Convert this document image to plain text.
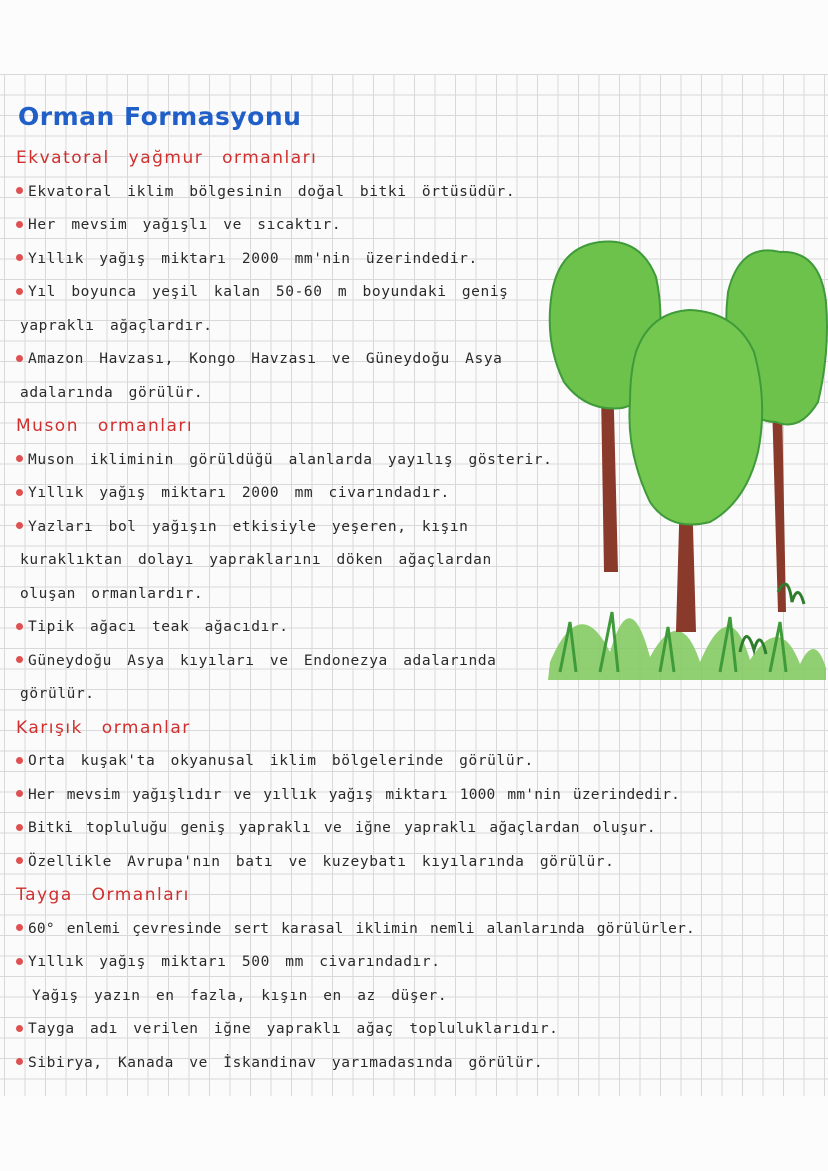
Orman Formasyonu
Ekvatoral yağmur ormanları
Ekvatoral iklim bölgesinin doğal bitki örtüsüdür.
Her mevsim yağışlı ve sıcaktır.
Yıllık yağış miktarı 2000 mm'nin üzerindedir.
Yıl boyunca yeşil kalan 50-60 m boyundaki geniş
yapraklı ağaçlardır.
Amazon Havzası, Kongo Havzası ve Güneydoğu Asya
adalarında görülür.
Muson ormanları
Muson ikliminin görüldüğü alanlarda yayılış gösterir.
Yıllık yağış miktarı 2000 mm civarındadır.
Yazları bol yağışın etkisiyle yeşeren, kışın
kuraklıktan dolayı yapraklarını döken ağaçlardan
oluşan ormanlardır.
Tipik ağacı teak ağacıdır.
Güneydoğu Asya kıyıları ve Endonezya adalarında
görülür.
Karışık ormanlar
Orta kuşak'ta okyanusal iklim bölgelerinde görülür.
Her mevsim yağışlıdır ve yıllık yağış miktarı 1000 mm'nin üzerindedir.
Bitki topluluğu geniş yapraklı ve iğne yapraklı ağaçlardan oluşur.
Özellikle Avrupa'nın batı ve kuzeybatı kıyılarında görülür.
Tayga Ormanları
60° enlemi çevresinde sert karasal iklimin nemli alanlarında görülürler.
Yıllık yağış miktarı 500 mm civarındadır.
Yağış yazın en fazla, kışın en az düşer.
Tayga adı verilen iğne yapraklı ağaç topluluklarıdır.
Sibirya, Kanada ve İskandinav yarımadasında görülür.
